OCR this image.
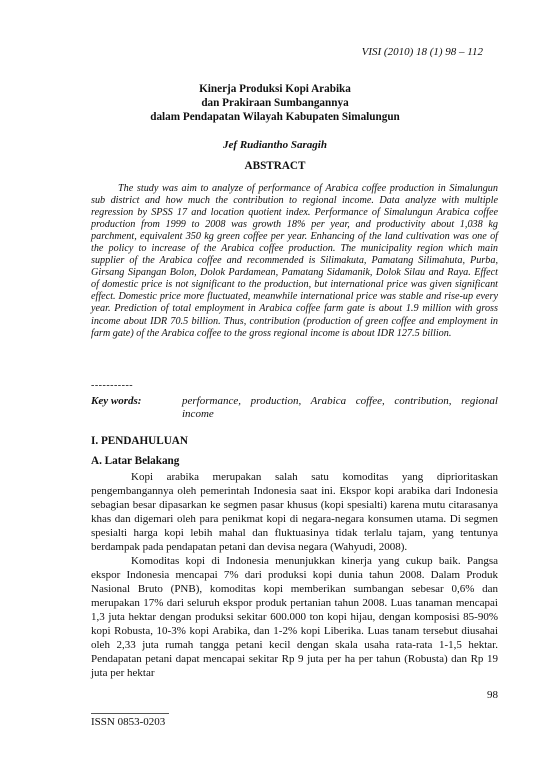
VISI (2010) 18 (1) 98 – 112
Kinerja Produksi Kopi Arabika
dan Prakiraan Sumbangannya
dalam Pendapatan Wilayah Kabupaten Simalungun
Jef Rudiantho Saragih
ABSTRACT

The study was aim to analyze of performance of Arabica coffee production in Simalungun sub district and how much the contribution to regional income. Data analyze with multiple regression by SPSS 17 and location quotient index. Performance of Simalungun Arabica coffee production from 1999 to 2008 was growth 18% per year, and productivity about 1,038 kg parchment, equivalent 350 kg green coffee per year. Enhancing of the land cultivation was one of the policy to increase of the Arabica coffee production. The municipality region which main supplier of the Arabica coffee and recommended is Silimakuta, Pamatang Silimahuta, Purba, Girsang Sipangan Bolon, Dolok Pardamean, Pamatang Sidamanik, Dolok Silau and Raya. Effect of domestic price is not significant to the production, but international price was given significant effect. Domestic price more fluctuated, meanwhile international price was stable and rise-up every year. Prediction of total employment in Arabica coffee farm gate is about 1.9 million with gross income about IDR 70.5 billion. Thus, contribution (production of green coffee and employment in farm gate) of the Arabica coffee to the gross regional income is about IDR 127.5 billion.

-----------
Key words:	performance, production, Arabica coffee, contribution, regional income
I. PENDAHULUAN
A. Latar Belakang

Kopi arabika merupakan salah satu komoditas yang diprioritaskan pengembangannya oleh pemerintah Indonesia saat ini. Ekspor kopi arabika dari Indonesia sebagian besar dipasarkan ke segmen pasar khusus (kopi spesialti) karena mutu citarasanya khas dan digemari oleh para penikmat kopi di negara-negara konsumen utama. Di segmen spesialti harga kopi lebih mahal dan fluktuasinya tidak terlalu tajam, yang tentunya berdampak pada pendapatan petani dan devisa negara (Wahyudi, 2008).

Komoditas kopi di Indonesia menunjukkan kinerja yang cukup baik. Pangsa ekspor Indonesia mencapai 7% dari produksi kopi dunia tahun 2008. Dalam Produk Nasional Bruto (PNB), komoditas kopi memberikan sumbangan sebesar 0,6% dan merupakan 17% dari seluruh ekspor produk pertanian tahun 2008. Luas tanaman mencapai 1,3 juta hektar dengan produksi sekitar 600.000 ton kopi hijau, dengan komposisi 85-90% kopi Robusta, 10-3% kopi Arabika, dan 1-2% kopi Liberika. Luas tanam tersebut diusahai oleh 2,33 juta rumah tangga petani kecil dengan skala usaha rata-rata 1-1,5 hektar. Pendapatan petani dapat mencapai sekitar Rp 9 juta per ha per tahun (Robusta) dan Rp 19 juta per hektar

98
ISSN 0853-0203
